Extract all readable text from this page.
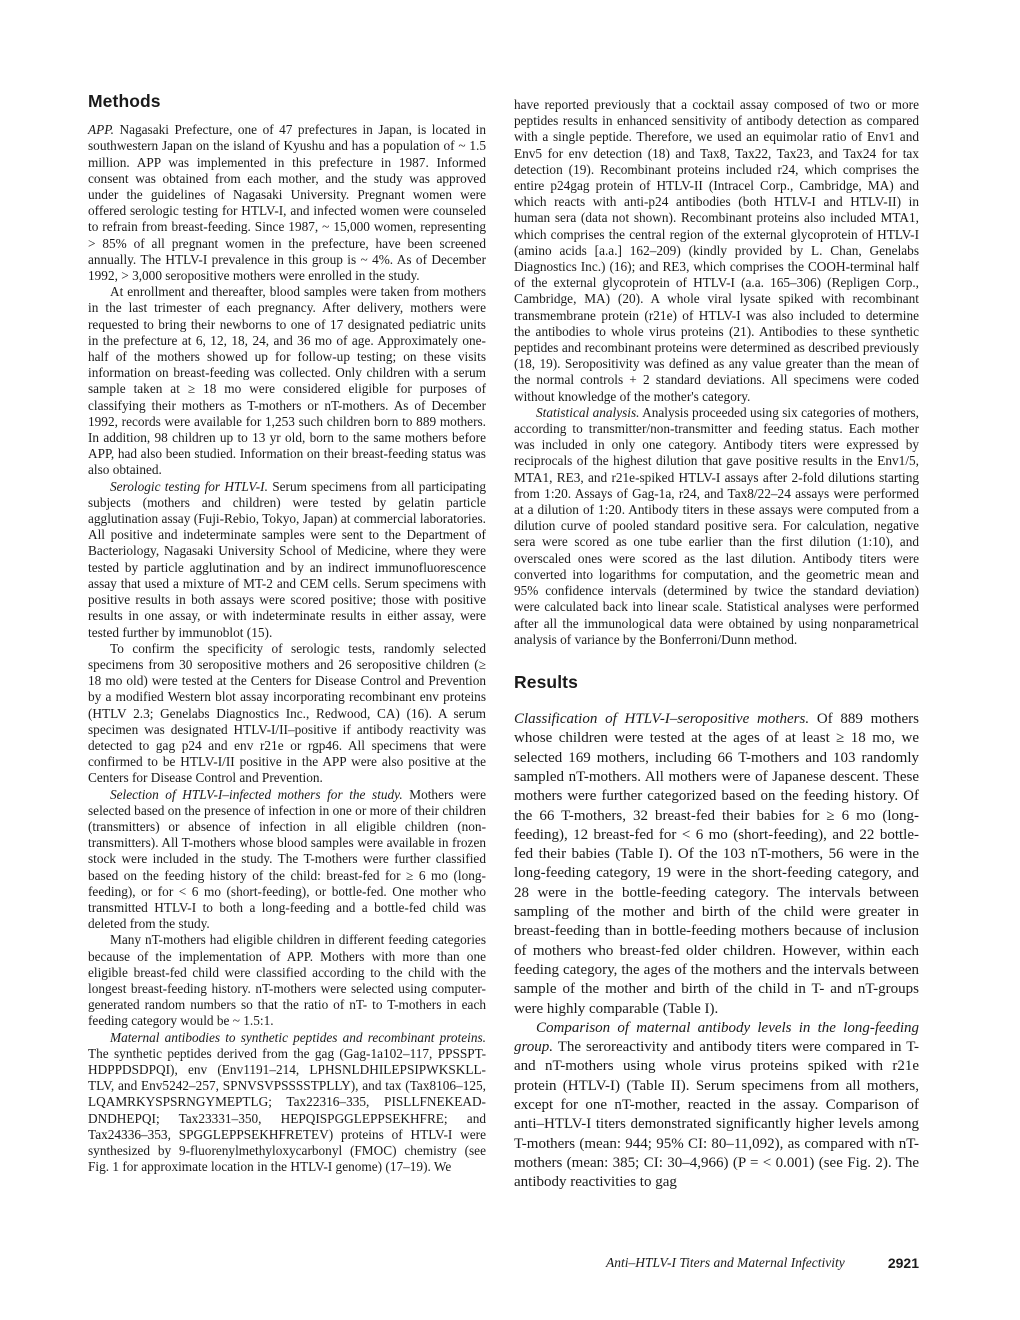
Methods

APP. Nagasaki Prefecture, one of 47 prefectures in Japan, is located in southwestern Japan on the island of Kyushu and has a population of ~ 1.5 million. APP was implemented in this prefecture in 1987. Informed consent was obtained from each mother, and the study was approved under the guidelines of Nagasaki University. Pregnant women were offered serologic testing for HTLV-I, and infected women were counseled to refrain from breast-feeding. Since 1987, ~ 15,000 women, representing > 85% of all pregnant women in the prefecture, have been screened annually. The HTLV-I prevalence in this group is ~ 4%. As of December 1992, > 3,000 seropositive mothers were enrolled in the study.

At enrollment and thereafter, blood samples were taken from mothers in the last trimester of each pregnancy. After delivery, mothers were requested to bring their newborns to one of 17 designated pediatric units in the prefecture at 6, 12, 18, 24, and 36 mo of age. Approximately one-half of the mothers showed up for follow-up testing; on these visits information on breast-feeding was collected. Only children with a serum sample taken at ≥ 18 mo were considered eligible for purposes of classifying their mothers as T-mothers or nT-mothers. As of December 1992, records were available for 1,253 such children born to 889 mothers. In addition, 98 children up to 13 yr old, born to the same mothers before APP, had also been studied. Information on their breast-feeding status was also obtained.

Serologic testing for HTLV-I. Serum specimens from all participating subjects (mothers and children) were tested by gelatin particle agglutination assay (Fuji-Rebio, Tokyo, Japan) at commercial laboratories. All positive and indeterminate samples were sent to the Department of Bacteriology, Nagasaki University School of Medicine, where they were tested by particle agglutination and by an indirect immunofluorescence assay that used a mixture of MT-2 and CEM cells. Serum specimens with positive results in both assays were scored positive; those with positive results in one assay, or with indeterminate results in either assay, were tested further by immunoblot (15).

To confirm the specificity of serologic tests, randomly selected specimens from 30 seropositive mothers and 26 seropositive children (≥ 18 mo old) were tested at the Centers for Disease Control and Prevention by a modified Western blot assay incorporating recombinant env proteins (HTLV 2.3; Genelabs Diagnostics Inc., Redwood, CA) (16). A serum specimen was designated HTLV-I/II–positive if antibody reactivity was detected to gag p24 and env r21e or rgp46. All specimens that were confirmed to be HTLV-I/II positive in the APP were also positive at the Centers for Disease Control and Prevention.

Selection of HTLV-I–infected mothers for the study. Mothers were selected based on the presence of infection in one or more of their children (transmitters) or absence of infection in all eligible children (non-transmitters). All T-mothers whose blood samples were available in frozen stock were included in the study. The T-mothers were further classified based on the feeding history of the child: breast-fed for ≥ 6 mo (long-feeding), or for < 6 mo (short-feeding), or bottle-fed. One mother who transmitted HTLV-I to both a long-feeding and a bottle-fed child was deleted from the study.

Many nT-mothers had eligible children in different feeding categories because of the implementation of APP. Mothers with more than one eligible breast-fed child were classified according to the child with the longest breast-feeding history. nT-mothers were selected using computer-generated random numbers so that the ratio of nT- to T-mothers in each feeding category would be ~ 1.5:1.

Maternal antibodies to synthetic peptides and recombinant proteins. The synthetic peptides derived from the gag (Gag-1a102–117, PPSSPT-HDPPDSDPQI), env (Env1191–214, LPHSNLDHILEPSIPWKSKLL-TLV, and Env5242–257, SPNVSVPSSSSTPLLY), and tax (Tax8106–125, LQAMRKYSPSRNGYMEPTLG; Tax22316–335, PISLLFNEKEAD-DNDHEPQI; Tax23331–350, HEPQISPGGLEPPSEKHFRE; and Tax24336–353, SPGGLEPPSEKHFRETEV) proteins of HTLV-I were synthesized by 9-fluorenylmethyloxycarbonyl (FMOC) chemistry (see Fig. 1 for approximate location in the HTLV-I genome) (17–19). We

have reported previously that a cocktail assay composed of two or more peptides results in enhanced sensitivity of antibody detection as compared with a single peptide. Therefore, we used an equimolar ratio of Env1 and Env5 for env detection (18) and Tax8, Tax22, Tax23, and Tax24 for tax detection (19). Recombinant proteins included r24, which comprises the entire p24gag protein of HTLV-II (Intracel Corp., Cambridge, MA) and which reacts with anti-p24 antibodies (both HTLV-I and HTLV-II) in human sera (data not shown). Recombinant proteins also included MTA1, which comprises the central region of the external glycoprotein of HTLV-I (amino acids [a.a.] 162–209) (kindly provided by L. Chan, Genelabs Diagnostics Inc.) (16); and RE3, which comprises the COOH-terminal half of the external glycoprotein of HTLV-I (a.a. 165–306) (Repligen Corp., Cambridge, MA) (20). A whole viral lysate spiked with recombinant transmembrane protein (r21e) of HTLV-I was also included to determine the antibodies to whole virus proteins (21). Antibodies to these synthetic peptides and recombinant proteins were determined as described previously (18, 19). Seropositivity was defined as any value greater than the mean of the normal controls + 2 standard deviations. All specimens were coded without knowledge of the mother's category.

Statistical analysis. Analysis proceeded using six categories of mothers, according to transmitter/non-transmitter and feeding status. Each mother was included in only one category. Antibody titers were expressed by reciprocals of the highest dilution that gave positive results in the Env1/5, MTA1, RE3, and r21e-spiked HTLV-I assays after 2-fold dilutions starting from 1:20. Assays of Gag-1a, r24, and Tax8/22–24 assays were performed at a dilution of 1:20. Antibody titers in these assays were computed from a dilution curve of pooled standard positive sera. For calculation, negative sera were scored as one tube earlier than the first dilution (1:10), and overscaled ones were scored as the last dilution. Antibody titers were converted into logarithms for computation, and the geometric mean and 95% confidence intervals (determined by twice the standard deviation) were calculated back into linear scale. Statistical analyses were performed after all the immunological data were obtained by using nonparametrical analysis of variance by the Bonferroni/Dunn method.

Results

Classification of HTLV-I–seropositive mothers. Of 889 mothers whose children were tested at the ages of at least ≥ 18 mo, we selected 169 mothers, including 66 T-mothers and 103 randomly sampled nT-mothers. All mothers were of Japanese descent. These mothers were further categorized based on the feeding history. Of the 66 T-mothers, 32 breast-fed their babies for ≥ 6 mo (long-feeding), 12 breast-fed for < 6 mo (short-feeding), and 22 bottle-fed their babies (Table I). Of the 103 nT-mothers, 56 were in the long-feeding category, 19 were in the short-feeding category, and 28 were in the bottle-feeding category. The intervals between sampling of the mother and birth of the child were greater in breast-feeding than in bottle-feeding mothers because of inclusion of mothers who breast-fed older children. However, within each feeding category, the ages of the mothers and the intervals between sample of the mother and birth of the child in T- and nT-groups were highly comparable (Table I).

Comparison of maternal antibody levels in the long-feeding group. The seroreactivity and antibody titers were compared in T- and nT-mothers using whole virus proteins spiked with r21e protein (HTLV-I) (Table II). Serum specimens from all mothers, except for one nT-mother, reacted in the assay. Comparison of anti–HTLV-I titers demonstrated significantly higher levels among T-mothers (mean: 944; 95% CI: 80–11,092), as compared with nT-mothers (mean: 385; CI: 30–4,966) (P = < 0.001) (see Fig. 2). The antibody reactivities to gag

Anti–HTLV-I Titers and Maternal Infectivity	2921
